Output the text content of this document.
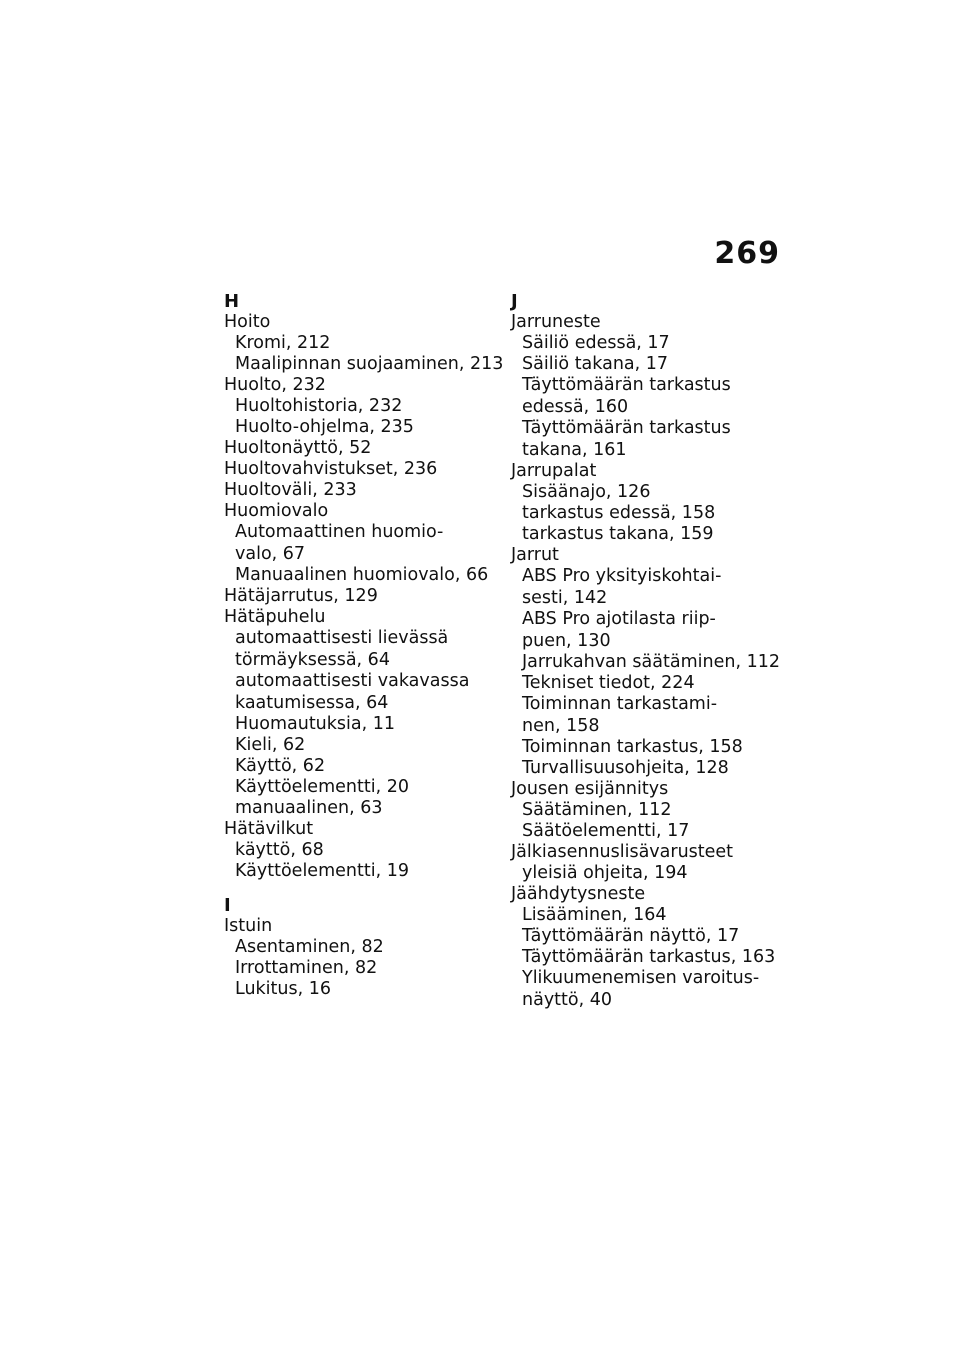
269
H
Hoito
Kromi, 212
Maalipinnan suojaaminen, 213
Huolto, 232
Huoltohistoria, 232
Huolto-ohjelma, 235
Huoltonäyttö, 52
Huoltovahvistukset, 236
Huoltoväli, 233
Huomiovalo
Automaattinen huomio-
valo, 67
Manuaalinen huomiovalo, 66
Hätäjarrutus, 129
Hätäpuhelu
automaattisesti lievässä
törmäyksessä, 64
automaattisesti vakavassa
kaatumisessa, 64
Huomautuksia, 11
Kieli, 62
Käyttö, 62
Käyttöelementti, 20
manuaalinen, 63
Hätävilkut
käyttö, 68
Käyttöelementti, 19
I
Istuin
Asentaminen, 82
Irrottaminen, 82
Lukitus, 16
J
Jarruneste
Säiliö edessä, 17
Säiliö takana, 17
Täyttömäärän tarkastus
edessä, 160
Täyttömäärän tarkastus
takana, 161
Jarrupalat
Sisäänajo, 126
tarkastus edessä, 158
tarkastus takana, 159
Jarrut
ABS Pro yksityiskohtai-
sesti, 142
ABS Pro ajotilasta riip-
puen, 130
Jarrukahvan säätäminen, 112
Tekniset tiedot, 224
Toiminnan tarkastami-
nen, 158
Toiminnan tarkastus, 158
Turvallisuusohjeita, 128
Jousen esijännitys
Säätäminen, 112
Säätöelementti, 17
Jälkiasennuslisävarusteet
yleisiä ohjeita, 194
Jäähdytysneste
Lisääminen, 164
Täyttömäärän näyttö, 17
Täyttömäärän tarkastus, 163
Ylikuumenemisen varoitus-
näyttö, 40
